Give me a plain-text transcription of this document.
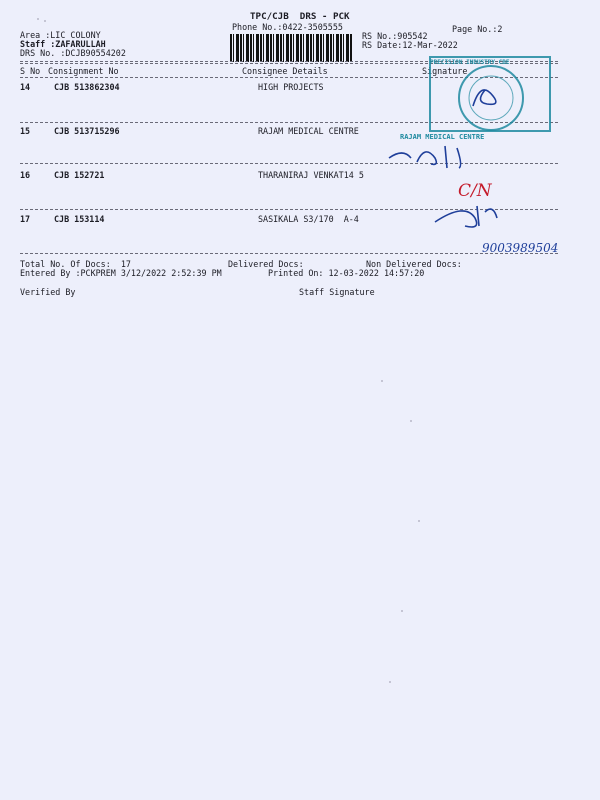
TPC/CJB  DRS - PCK
Phone No.:0422-3505555	Page No.:2
Area :LIC COLONY
Staff :ZAFARULLAH
DRS No. :DCJB90554202
RS No.:905542
RS Date:12-Mar-2022
S No Consignment No	Consignee Details	Signature
14	CJB 513862304	HIGH PROJECTS
15	CJB 513715296	RAJAM MEDICAL CENTRE
16	CJB 152721	THARANIRAJ VENKAT14 5
17	CJB 153114	SASIKALA S3/170  A-4
Total No. Of Docs:  17	Delivered Docs:	Non Delivered Docs:
Entered By :PCKPREM 3/12/2022 2:52:39 PM	Printed On: 12-03-2022 14:57:20
Verified By	Staff Signature
PRECISION INDUSTRY CBE
RAJAM MEDICAL CENTRE
C/N
9003989504
